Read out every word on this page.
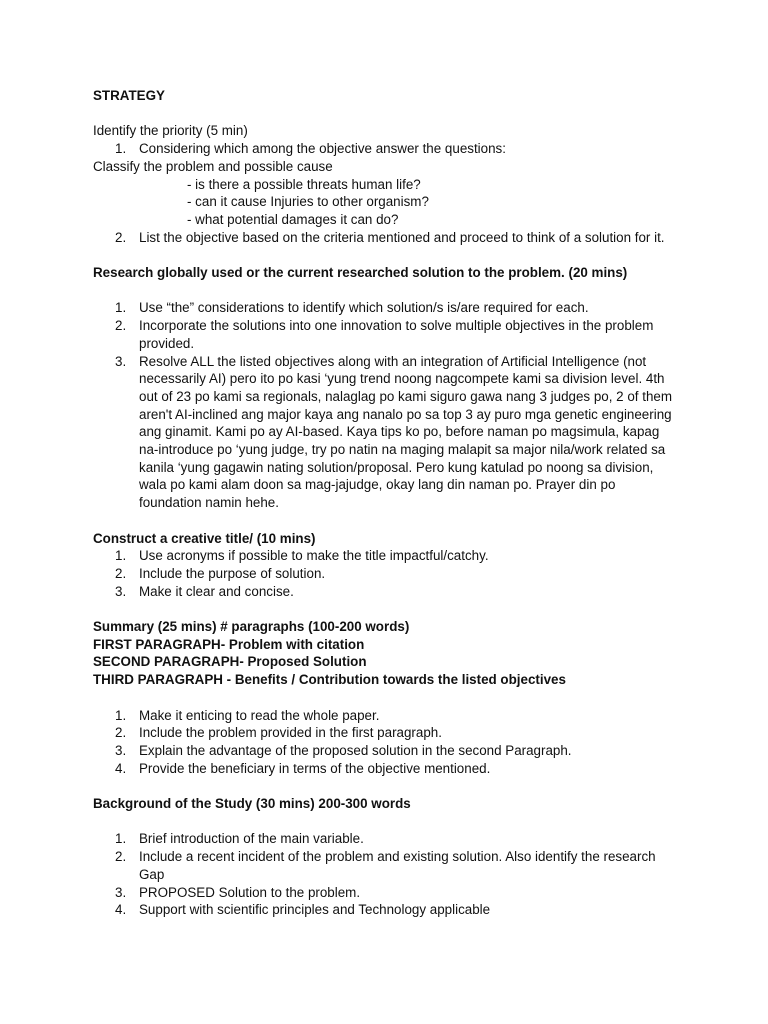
STRATEGY
Identify the priority (5 min)
1. Considering which among the objective answer the questions:
Classify the problem and possible cause
- is there a possible threats human life?
- can it cause Injuries to other organism?
- what potential damages it can do?
2. List the objective based on the criteria mentioned and proceed to think of a solution for it.
Research globally used or the current researched solution to the problem. (20 mins)
1. Use “the” considerations to identify which solution/s is/are required for each.
2. Incorporate the solutions into one innovation to solve multiple objectives in the problem provided.
3. Resolve ALL the listed objectives along with an integration of Artificial Intelligence (not necessarily AI) pero ito po kasi ‘yung trend noong nagcompete kami sa division level. 4th out of 23 po kami sa regionals, nalaglag po kami siguro gawa nang 3 judges po, 2 of them aren't AI-inclined ang major kaya ang nanalo po sa top 3 ay puro mga genetic engineering ang ginamit. Kami po ay AI-based. Kaya tips ko po, before naman po magsimula, kapag na-introduce po ‘yung judge, try po natin na maging malapit sa major nila/work related sa kanila ‘yung gagawin nating solution/proposal. Pero kung katulad po noong sa division, wala po kami alam doon sa mag-jajudge, okay lang din naman po. Prayer din po foundation namin hehe.
Construct a creative title/ (10 mins)
1. Use acronyms if possible to make the title impactful/catchy.
2. Include the purpose of solution.
3. Make it clear and concise.
Summary (25 mins) # paragraphs (100-200 words)
FIRST PARAGRAPH- Problem with citation
SECOND PARAGRAPH- Proposed Solution
THIRD PARAGRAPH - Benefits / Contribution towards the listed objectives
1. Make it enticing to read the whole paper.
2. Include the problem provided in the first paragraph.
3. Explain the advantage of the proposed solution in the second Paragraph.
4. Provide the beneficiary in terms of the objective mentioned.
Background of the Study (30 mins) 200-300 words
1. Brief introduction of the main variable.
2. Include a recent incident of the problem and existing solution. Also identify the research Gap
3. PROPOSED Solution to the problem.
4. Support with scientific principles and Technology applicable
